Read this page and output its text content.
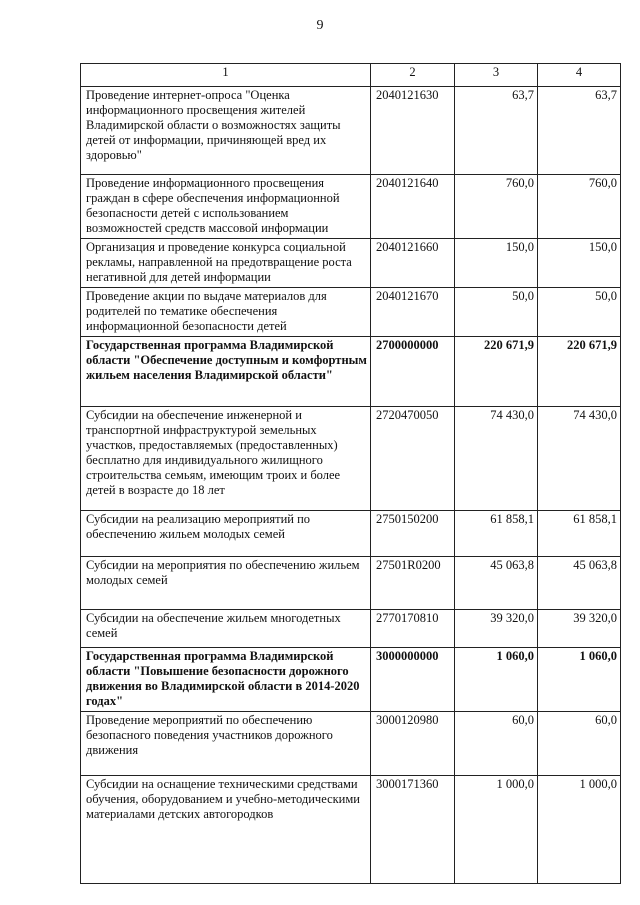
9
1	2	3	4
Проведение интернет-опроса "Оценка информационного просвещения жителей Владимирской области о возможностях защиты детей от информации, причиняющей вред их здоровью"	2040121630	63,7	63,7
Проведение информационного просвещения граждан в сфере обеспечения информационной безопасности детей с использованием возможностей средств массовой информации	2040121640	760,0	760,0
Организация и проведение конкурса социальной рекламы, направленной на предотвращение роста негативной для детей информации	2040121660	150,0	150,0
Проведение акции по выдаче материалов для родителей по тематике обеспечения информационной безопасности детей	2040121670	50,0	50,0
Государственная программа Владимирской области "Обеспечение доступным и комфортным жильем населения Владимирской области"	2700000000	220 671,9	220 671,9
Субсидии на обеспечение инженерной и транспортной инфраструктурой земельных участков, предоставляемых (предоставленных) бесплатно для индивидуального жилищного строительства семьям, имеющим троих и более детей в возрасте до 18 лет	2720470050	74 430,0	74 430,0
Субсидии на реализацию мероприятий по обеспечению жильем молодых семей	2750150200	61 858,1	61 858,1
Субсидии на мероприятия по обеспечению жильем молодых семей	27501R0200	45 063,8	45 063,8
Субсидии на обеспечение жильем многодетных семей	2770170810	39 320,0	39 320,0
Государственная программа Владимирской области "Повышение безопасности дорожного движения во Владимирской области в 2014-2020 годах"	3000000000	1 060,0	1 060,0
Проведение мероприятий по обеспечению безопасного поведения участников дорожного движения	3000120980	60,0	60,0
Субсидии на оснащение техническими средствами обучения, оборудованием и учебно-методическими материалами детских автогородков	3000171360	1 000,0	1 000,0
